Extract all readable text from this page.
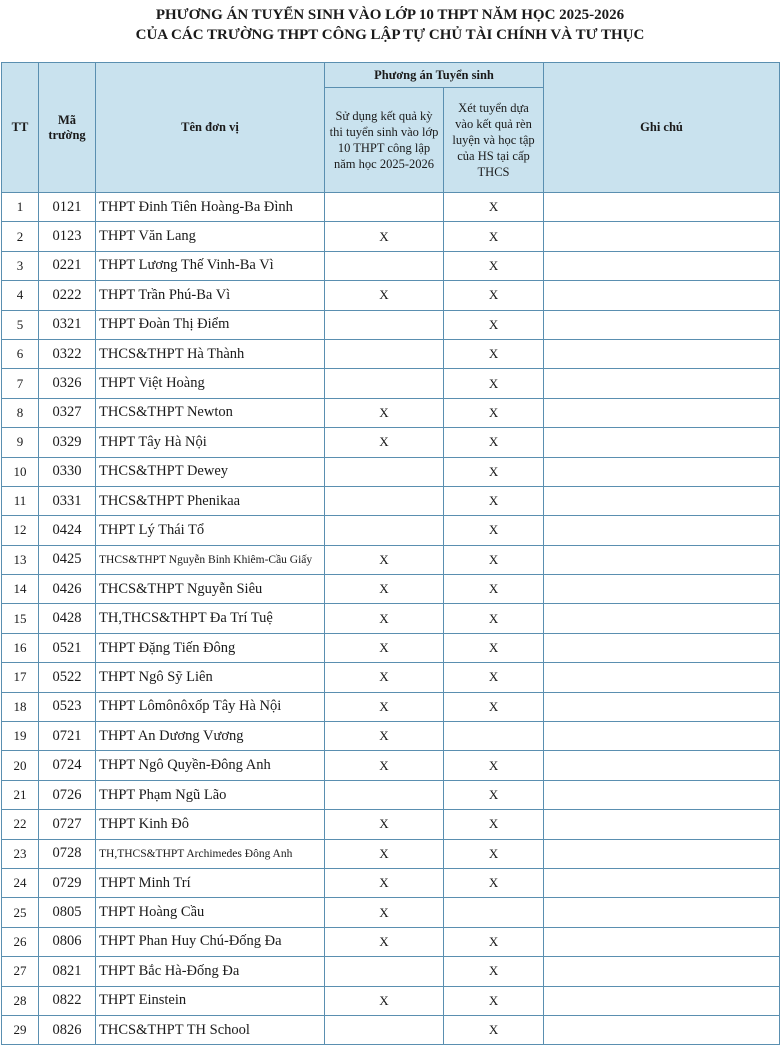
PHƯƠNG ÁN TUYỂN SINH VÀO LỚP 10 THPT NĂM HỌC 2025-2026
CỦA CÁC TRƯỜNG THPT CÔNG LẬP TỰ CHỦ TÀI CHÍNH VÀ TƯ THỤC
TT	Mã trường	Tên đơn vị	Phương án Tuyển sinh		Ghi chú
			Sử dụng kết quả kỳ thi tuyển sinh vào lớp 10 THPT công lập năm học 2025-2026	Xét tuyển dựa vào kết quả rèn luyện và học tập của HS tại cấp THCS	
1	0121	THPT Đinh Tiên Hoàng-Ba Đình		X	
2	0123	THPT Văn Lang	X	X	
3	0221	THPT Lương Thế Vinh-Ba Vì		X	
4	0222	THPT Trần Phú-Ba Vì	X	X	
5	0321	THPT Đoàn Thị Điểm		X	
6	0322	THCS&THPT Hà Thành		X	
7	0326	THPT Việt Hoàng		X	
8	0327	THCS&THPT Newton	X	X	
9	0329	THPT Tây Hà Nội	X	X	
10	0330	THCS&THPT Dewey		X	
11	0331	THCS&THPT Phenikaa		X	
12	0424	THPT Lý Thái Tổ		X	
13	0425	THCS&THPT Nguyễn Bỉnh Khiêm-Cầu Giấy	X	X	
14	0426	THCS&THPT Nguyễn Siêu	X	X	
15	0428	TH,THCS&THPT Đa Trí Tuệ	X	X	
16	0521	THPT Đặng Tiến Đông	X	X	
17	0522	THPT Ngô Sỹ Liên	X	X	
18	0523	THPT Lômônôxốp Tây Hà Nội	X	X	
19	0721	THPT An Dương Vương	X		
20	0724	THPT Ngô Quyền-Đông Anh	X	X	
21	0726	THPT Phạm Ngũ Lão		X	
22	0727	THPT Kinh Đô	X	X	
23	0728	TH,THCS&THPT Archimedes Đông Anh	X	X	
24	0729	THPT Minh Trí	X	X	
25	0805	THPT Hoàng Cầu	X		
26	0806	THPT Phan Huy Chú-Đống Đa	X	X	
27	0821	THPT Bắc Hà-Đống Đa		X	
28	0822	THPT Einstein	X	X	
29	0826	THCS&THPT TH School		X	
